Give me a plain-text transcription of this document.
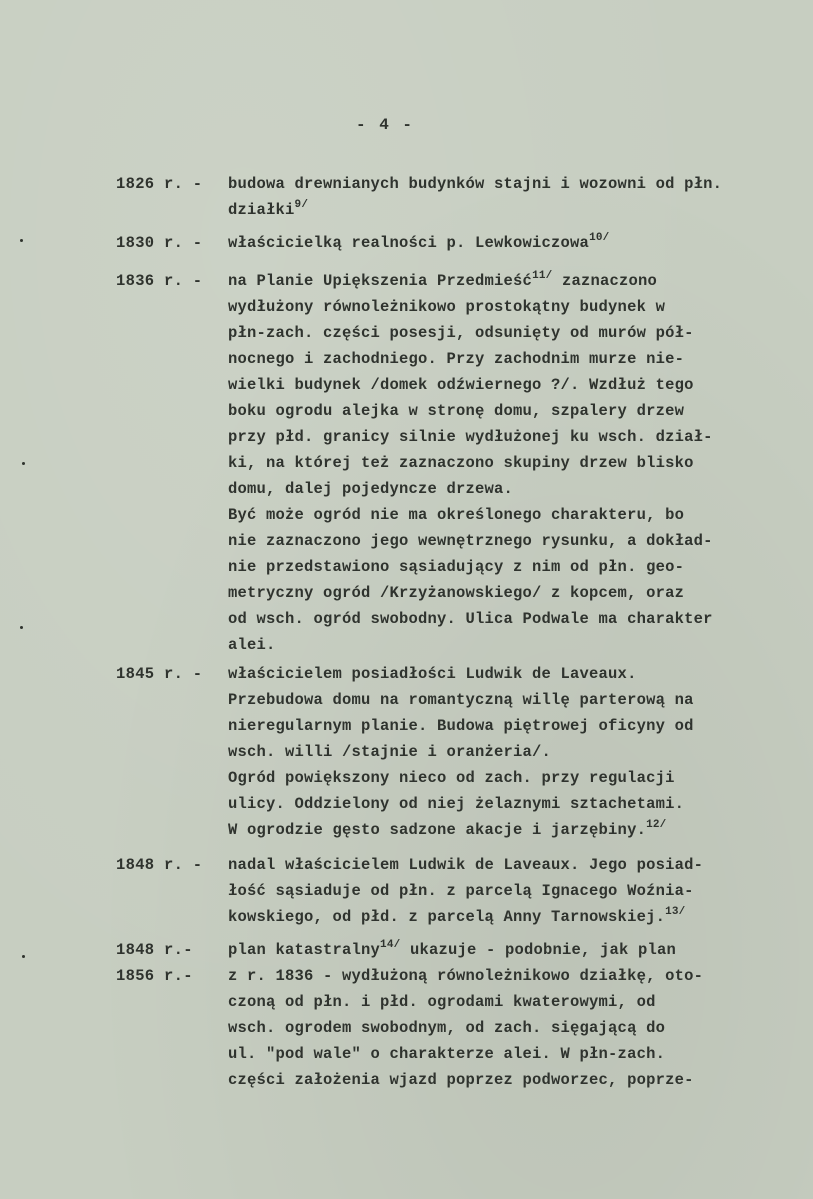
- 4 -
1826 r. - budowa drewnianych budynków stajni i wozowni od płn.
działki$^{9/}$
1830 r. - właścicielką realności p. Lewkowiczowa$^{10/}$
1836 r. - na Planie Upiększenia Przedmieść$^{11/}$ zaznaczono
wydłużony równoleżnikowo prostokątny budynek w
płn-zach. części posesji, odsunięty od murów pół-
nocnego i zachodniego. Przy zachodnim murze nie-
wielki budynek /domek odźwiernego ?/. Wzdłuż tego
boku ogrodu alejka w stronę domu, szpalery drzew
przy płd. granicy silnie wydłużonej ku wsch. dział-
ki, na której też zaznaczono skupiny drzew blisko
domu, dalej pojedyncze drzewa.
Być może ogród nie ma określonego charakteru, bo
nie zaznaczono jego wewnętrznego rysunku, a dokład-
nie przedstawiono sąsiadujący z nim od płn. geo-
metryczny ogród /Krzyżanowskiego/ z kopcem, oraz
od wsch. ogród swobodny. Ulica Podwale ma charakter
alei.
1845 r. - właścicielem posiadłości Ludwik de Laveaux.
Przebudowa domu na romantyczną willę parterową na
nieregularnym planie. Budowa piętrowej oficyny od
wsch. willi /stajnie i oranżeria/.
Ogród powiększony nieco od zach. przy regulacji
ulicy. Oddzielony od niej żelaznymi sztachetami.
W ogrodzie gęsto sadzone akacje i jarzębiny.$^{12/}$
1848 r. - nadal właścicielem Ludwik de Laveaux. Jego posiad-
łość sąsiaduje od płn. z parcelą Ignacego Woźnia-
kowskiego, od płd. z parcelą Anny Tarnowskiej.$^{13/}$
1848 r.-
1856 r.-
plan katastralny$^{14/}$ ukazuje - podobnie, jak plan
z r. 1836 - wydłużoną równoleżnikowo działkę, oto-
czoną od płn. i płd. ogrodami kwaterowymi, od
wsch. ogrodem swobodnym, od zach. sięgającą do
ul. "pod wale" o charakterze alei. W płn-zach.
części założenia wjazd poprzez podworzec, poprze-
